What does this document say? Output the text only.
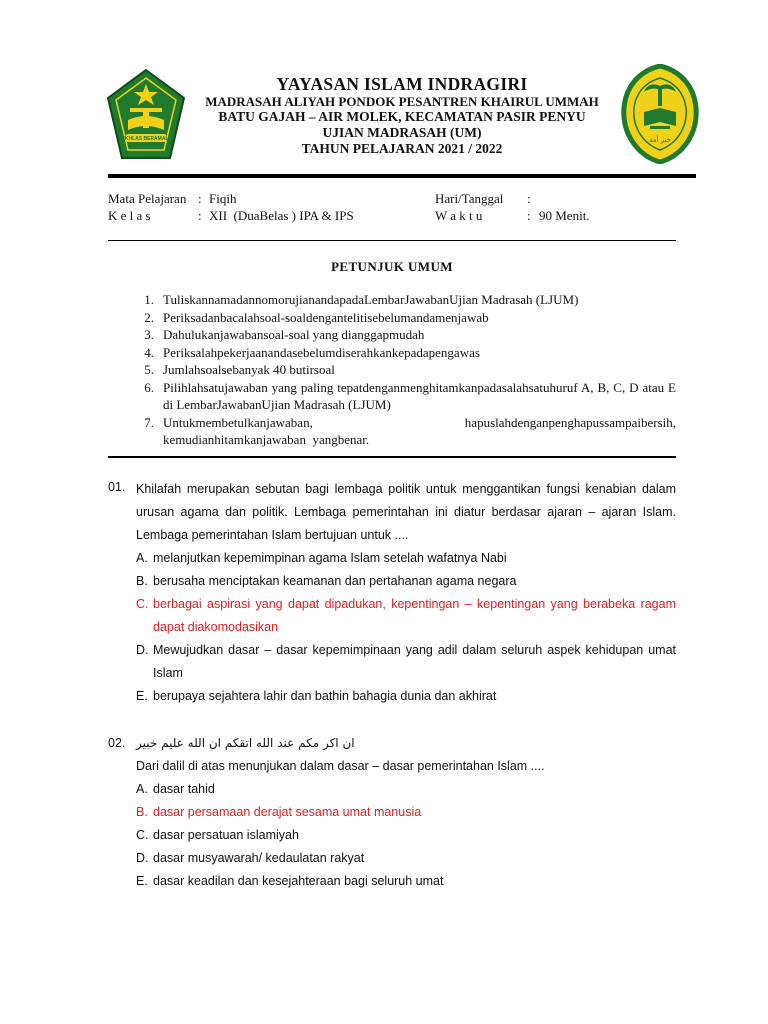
IKHLAS BERAMAL	خير أمة
YAYASAN ISLAM INDRAGIRI
MADRASAH ALIYAH PONDOK PESANTREN KHAIRUL UMMAH
BATU GAJAH – AIR MOLEK, KECAMATAN PASIR PENYU
UJIAN MADRASAH (UM)
TAHUN PELAJARAN 2021 / 2022
Mata Pelajaran : Fiqih
K e l a s	: XII  (DuaBelas ) IPA & IPS
Hari/Tanggal :
W a k t u	: 90 Menit.
PETUNJUK UMUM
1. TuliskannamadannomorujianandapadaLembarJawabanUjian Madrasah (LJUM)
2. Periksadanbacalahsoal-soaldengantelitisebelumandamenjawab
3. Dahulukanjawabansoal-soal yang dianggapmudah
4. Periksalahpekerjaanandasebelumdiserahkankepadapengawas
5. Jumlahsoalsebanyak 40 butirsoal
6. Pilihlahsatujawaban yang paling tepatdenganmenghitamkanpadasalahsatuhuruf A, B, C, D atau E di LembarJawabanUjian Madrasah (LJUM)
7. Untukmembetulkanjawaban,                             hapuslahdenganpenghapussampaibersih, kemudianhitamkanjawaban  yangbenar.
01. Khilafah merupakan sebutan bagi lembaga politik untuk menggantikan fungsi kenabian dalam urusan agama dan politik. Lembaga pemerintahan ini diatur berdasar ajaran – ajaran Islam. Lembaga pemerintahan Islam bertujuan untuk ....
A. melanjutkan kepemimpinan agama Islam setelah wafatnya Nabi
B. berusaha menciptakan keamanan dan pertahanan agama negara
C. berbagai aspirasi yang dapat dipadukan, kepentingan – kepentingan yang berabeka ragam dapat diakomodasikan
D. Mewujudkan dasar – dasar kepemimpinaan yang adil dalam seluruh aspek kehidupan umat Islam
E. berupaya sejahtera lahir dan bathin bahagia dunia dan akhirat
02. ان اكر مكم عند الله اتقكم ان الله عليم خبير
Dari dalil di atas menunjukan dalam dasar – dasar pemerintahan Islam ....
A. dasar tahid
B. dasar persamaan derajat sesama umat manusia
C. dasar persatuan islamiyah
D. dasar musyawarah/ kedaulatan rakyat
E. dasar keadilan dan kesejahteraan bagi seluruh umat
